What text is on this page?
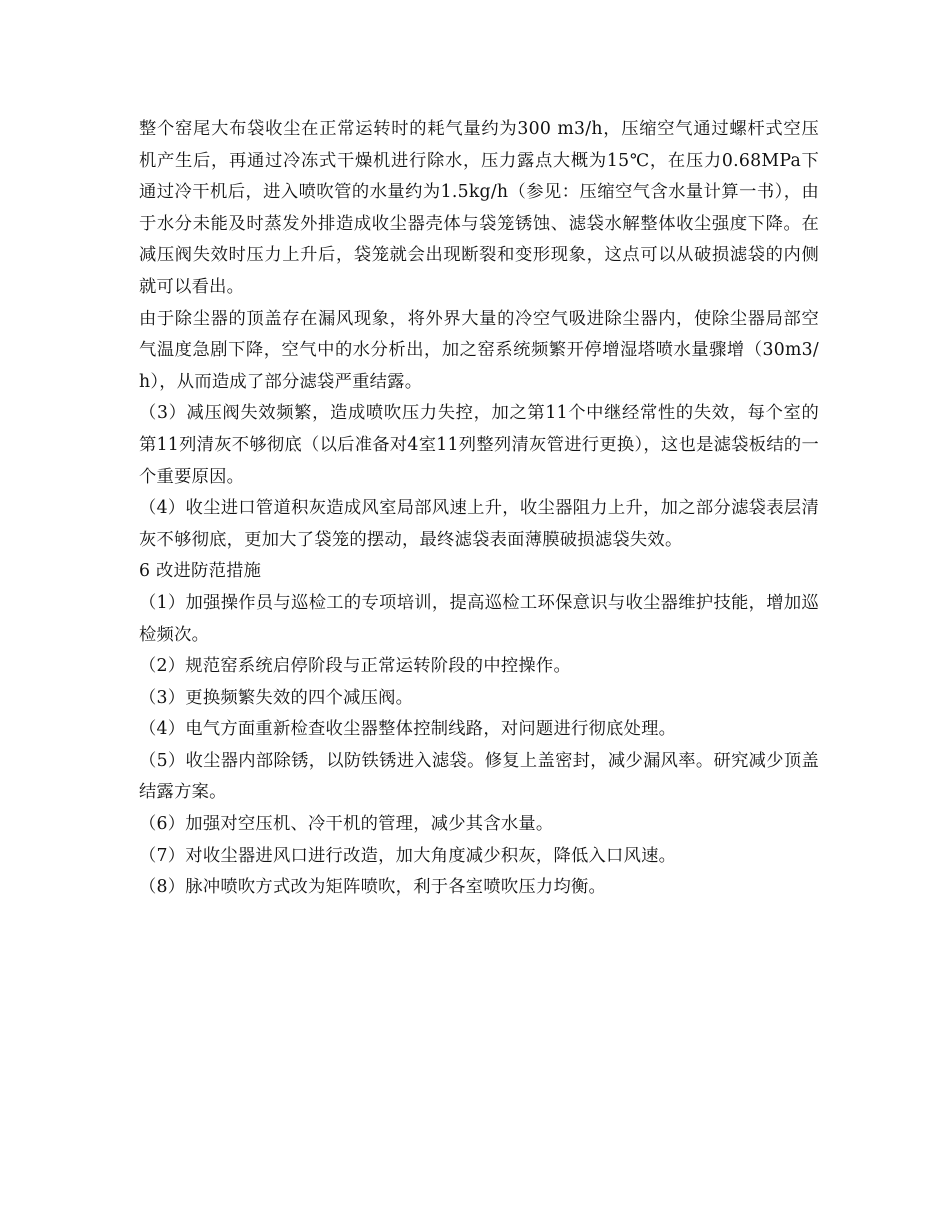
整个窑尾大布袋收尘在正常运转时的耗气量约为300 m3/h，压缩空气通过螺杆式空压机产生后，再通过冷冻式干燥机进行除水，压力露点大概为15℃，在压力0.68MPa下通过冷干机后，进入喷吹管的水量约为1.5kg/h（参见：压缩空气含水量计算一书），由于水分未能及时蒸发外排造成收尘器壳体与袋笼锈蚀、滤袋水解整体收尘强度下降。在减压阀失效时压力上升后，袋笼就会出现断裂和变形现象，这点可以从破损滤袋的内侧就可以看出。

由于除尘器的顶盖存在漏风现象，将外界大量的冷空气吸进除尘器内，使除尘器局部空气温度急剧下降，空气中的水分析出，加之窑系统频繁开停增湿塔喷水量骤增（30m3/h），从而造成了部分滤袋严重结露。

（3）减压阀失效频繁，造成喷吹压力失控，加之第11个中继经常性的失效，每个室的第11列清灰不够彻底（以后准备对4室11列整列清灰管进行更换），这也是滤袋板结的一个重要原因。

（4）收尘进口管道积灰造成风室局部风速上升，收尘器阻力上升，加之部分滤袋表层清灰不够彻底，更加大了袋笼的摆动，最终滤袋表面薄膜破损滤袋失效。

6 改进防范措施

（1）加强操作员与巡检工的专项培训，提高巡检工环保意识与收尘器维护技能，增加巡检频次。

（2）规范窑系统启停阶段与正常运转阶段的中控操作。

（3）更换频繁失效的四个减压阀。

（4）电气方面重新检查收尘器整体控制线路，对问题进行彻底处理。

（5）收尘器内部除锈，以防铁锈进入滤袋。修复上盖密封，减少漏风率。研究减少顶盖结露方案。

（6）加强对空压机、冷干机的管理，减少其含水量。

（7）对收尘器进风口进行改造，加大角度减少积灰，降低入口风速。

（8）脉冲喷吹方式改为矩阵喷吹，利于各室喷吹压力均衡。
